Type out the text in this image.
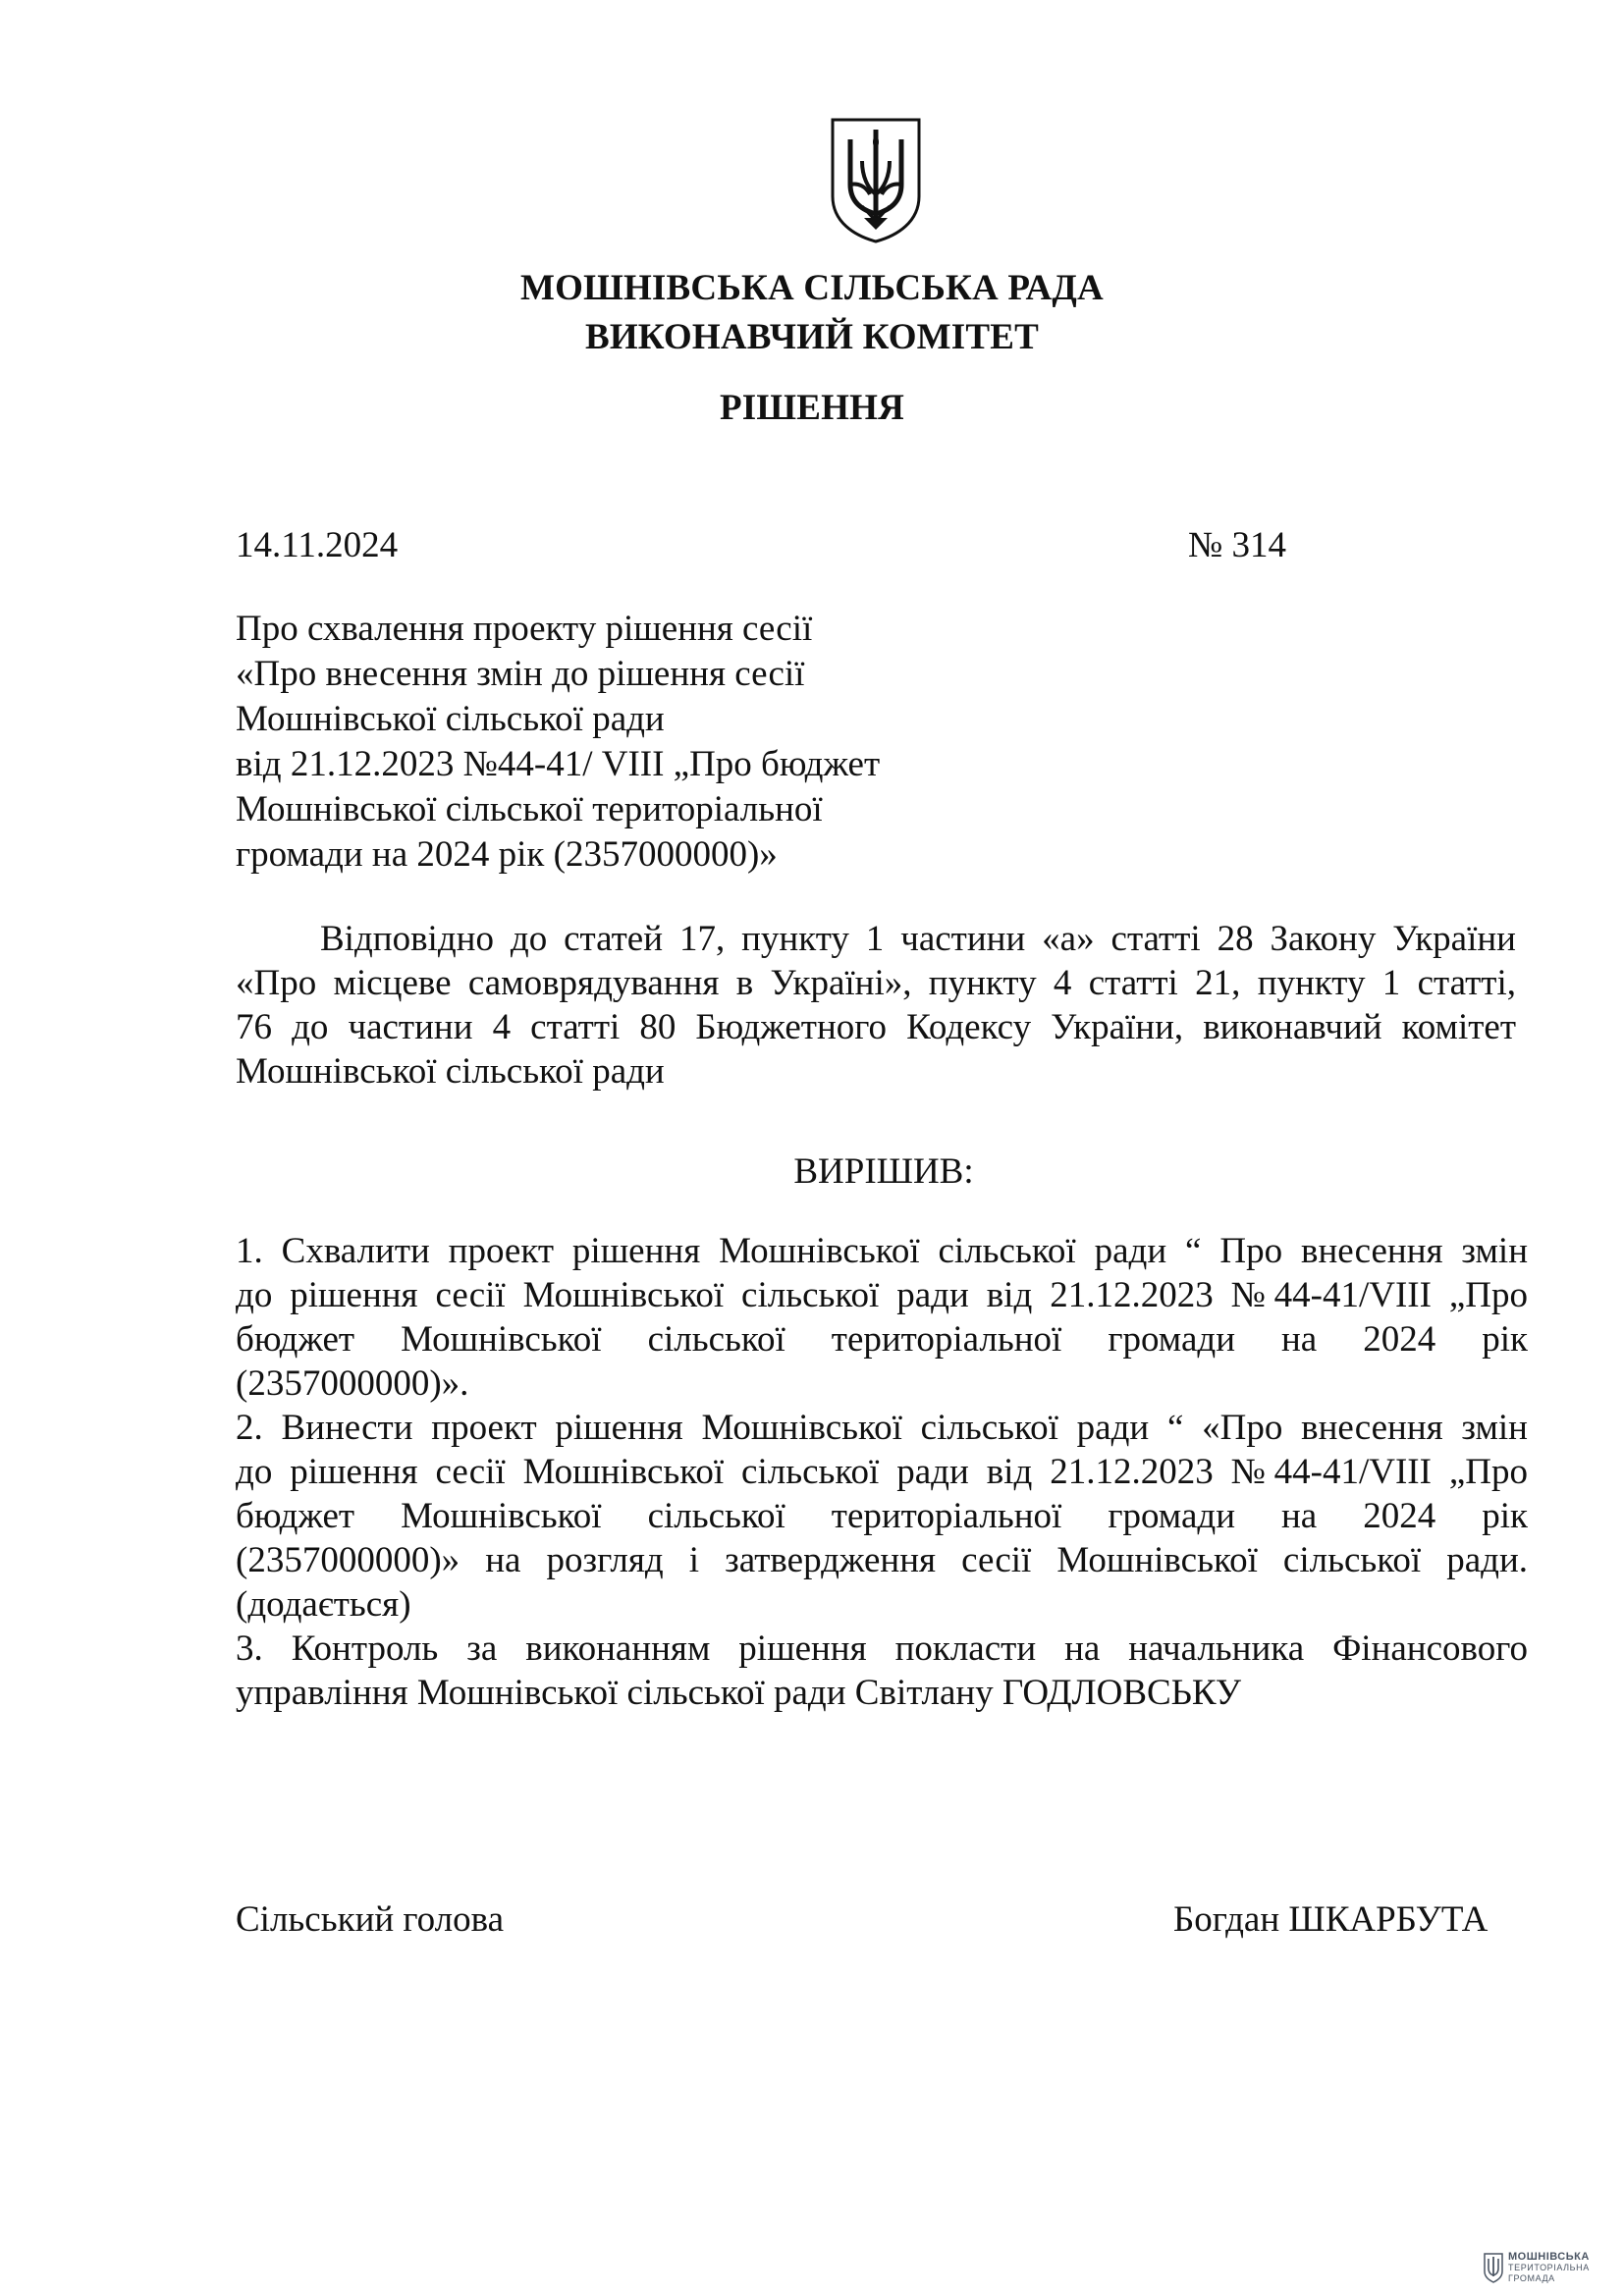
МОШНІВСЬКА СІЛЬСЬКА РАДА
ВИКОНАВЧИЙ КОМІТЕТ
РІШЕННЯ
14.11.2024	№ 314
Про схвалення проекту рішення сесії
«Про внесення змін до рішення сесії
Мошнівської сільської ради
від 21.12.2023 №44-41/ VIII „Про бюджет
Мошнівської сільської територіальної
громади на 2024 рік (2357000000)»
Відповідно до статей 17, пункту 1 частини «а» статті 28 Закону України
«Про місцеве самоврядування в Україні», пункту 4 статті 21, пункту 1 статті,
76 до частини 4 статті 80 Бюджетного Кодексу України, виконавчий комітет
Мошнівської сільської ради
ВИРІШИВ:
1. Схвалити проект рішення Мошнівської сільської ради “ Про внесення змін
до рішення сесії Мошнівської сільської ради від 21.12.2023 №44-41/VIII „Про
бюджет Мошнівської сільської територіальної громади на 2024 рік
(2357000000)».
2. Винести проект рішення Мошнівської сільської ради “ «Про внесення змін
до рішення сесії Мошнівської сільської ради від 21.12.2023 №44-41/VIII „Про
бюджет Мошнівської сільської територіальної громади на 2024 рік
(2357000000)» на розгляд і затвердження сесії Мошнівської сільської ради.
(додається)
3. Контроль за виконанням рішення покласти на начальника Фінансового
управління Мошнівської сільської ради Світлану ГОДЛОВСЬКУ
Сільський голова	Богдан ШКАРБУТА
МОШНІВСЬКА
ТЕРИТОРІАЛЬНА
ГРОМАДА
